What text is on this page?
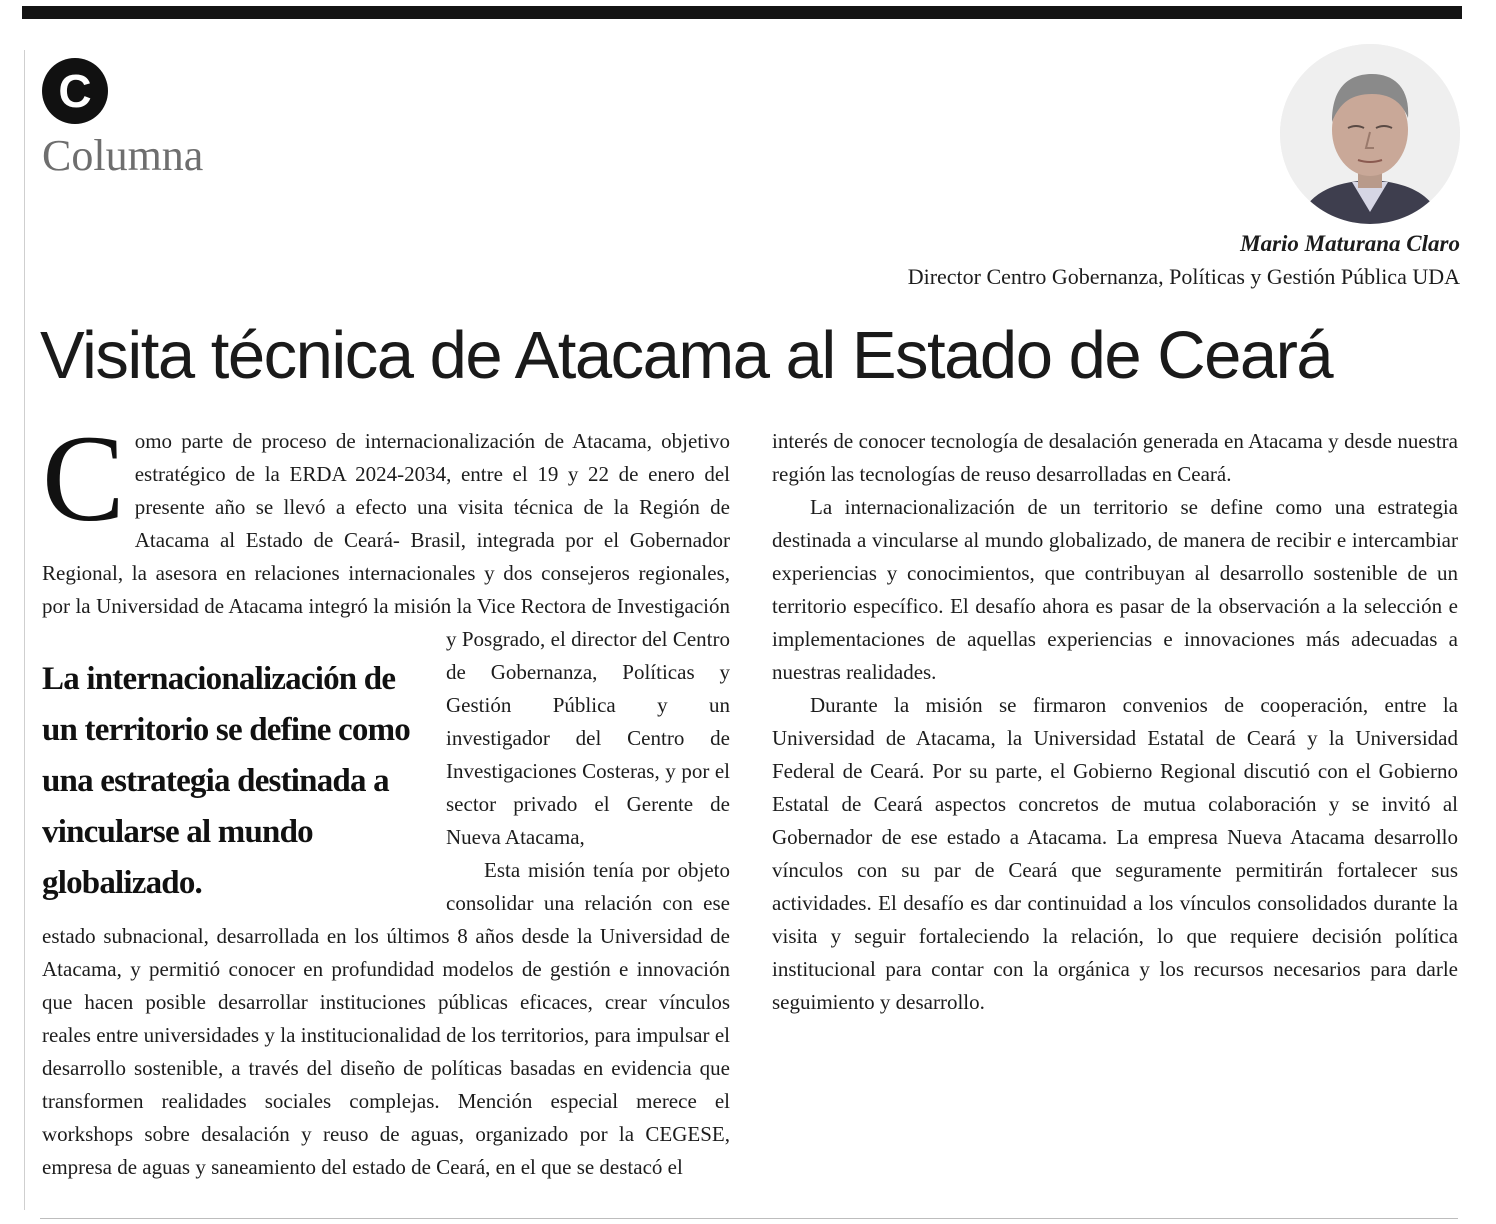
C
Columna
Mario Maturana Claro
Director Centro Gobernanza, Políticas y Gestión Pública UDA
Visita técnica de Atacama al Estado de Ceará
C
La internacionalización de un territorio se define como una estrategia destinada a vincularse al mundo globalizado.

omo parte de proceso de internacionalización de Atacama, objetivo estratégico de la ERDA 2024-2034, entre el 19 y 22 de enero del presente año se llevó a efecto una visita técnica de la Región de Atacama al Estado de Ceará- Brasil, integrada por el Gobernador Regional, la asesora en relaciones internacionales y dos consejeros regionales, por la Universidad de Atacama integró la misión la Vice Rectora de Investigación y Posgrado, el director del Centro de Gobernanza, Políticas y Gestión Pública y un investigador del Centro de Investigaciones Costeras, y por el sector privado el Gerente de Nueva Atacama,

Esta misión tenía por objeto consolidar una relación con ese estado subnacional, desarrollada en los últimos 8 años desde la Universidad de Atacama, y permitió conocer en profundidad modelos de gestión e innovación que hacen posible desarrollar instituciones públicas eficaces, crear vínculos reales entre universidades y la institucionalidad de los territorios, para impulsar el desarrollo sostenible, a través del diseño de políticas basadas en evidencia que transformen realidades sociales complejas. Mención especial merece el workshops sobre desalación y reuso de aguas, organizado por la CEGESE, empresa de aguas y saneamiento del estado de Ceará, en el que se destacó el

interés de conocer tecnología de desalación generada en Atacama y desde nuestra región las tecnologías de reuso desarrolladas en Ceará.

La internacionalización de un territorio se define como una estrategia destinada a vincularse al mundo globalizado, de manera de recibir e intercambiar experiencias y conocimientos, que contribuyan al desarrollo sostenible de un territorio específico. El desafío ahora es pasar de la observación a la selección e implementaciones de aquellas experiencias e innovaciones más adecuadas a nuestras realidades.

Durante la misión se firmaron convenios de cooperación, entre la Universidad de Atacama, la Universidad Estatal de Ceará y la Universidad Federal de Ceará. Por su parte, el Gobierno Regional discutió con el Gobierno Estatal de Ceará aspectos concretos de mutua colaboración y se invitó al Gobernador de ese estado a Atacama. La empresa Nueva Atacama desarrollo vínculos con su par de Ceará que seguramente permitirán fortalecer sus actividades. El desafío es dar continuidad a los vínculos consolidados durante la visita y seguir fortaleciendo la relación, lo que requiere decisión política institucional para contar con la orgánica y los recursos necesarios para darle seguimiento y desarrollo.
